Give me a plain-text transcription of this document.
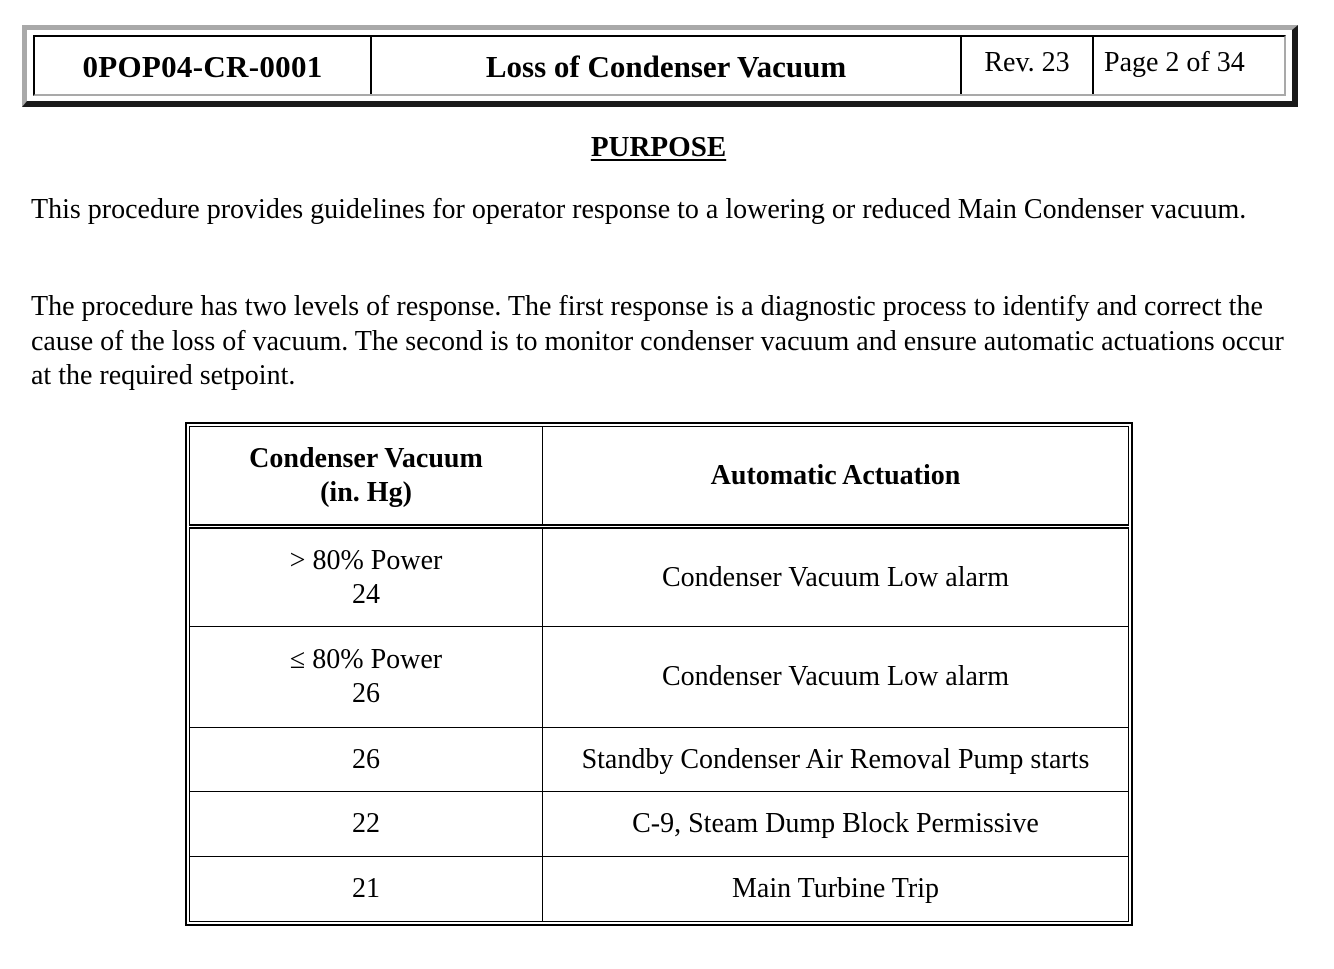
0POP04-CR-0001	Loss of Condenser Vacuum	Rev. 23	Page 2 of 34
PURPOSE

This procedure provides guidelines for operator response to a lowering or reduced Main Condenser vacuum.

The procedure has two levels of response. The first response is a diagnostic process to identify and correct the cause of the loss of vacuum. The second is to monitor condenser vacuum and ensure automatic actuations occur at the required setpoint.

Condenser Vacuum
(in. Hg)	Automatic Actuation

> 80% Power
24	Condenser Vacuum Low alarm

≤ 80% Power
26	Condenser Vacuum Low alarm
26	Standby Condenser Air Removal Pump starts
22	C-9, Steam Dump Block Permissive
21	Main Turbine Trip
